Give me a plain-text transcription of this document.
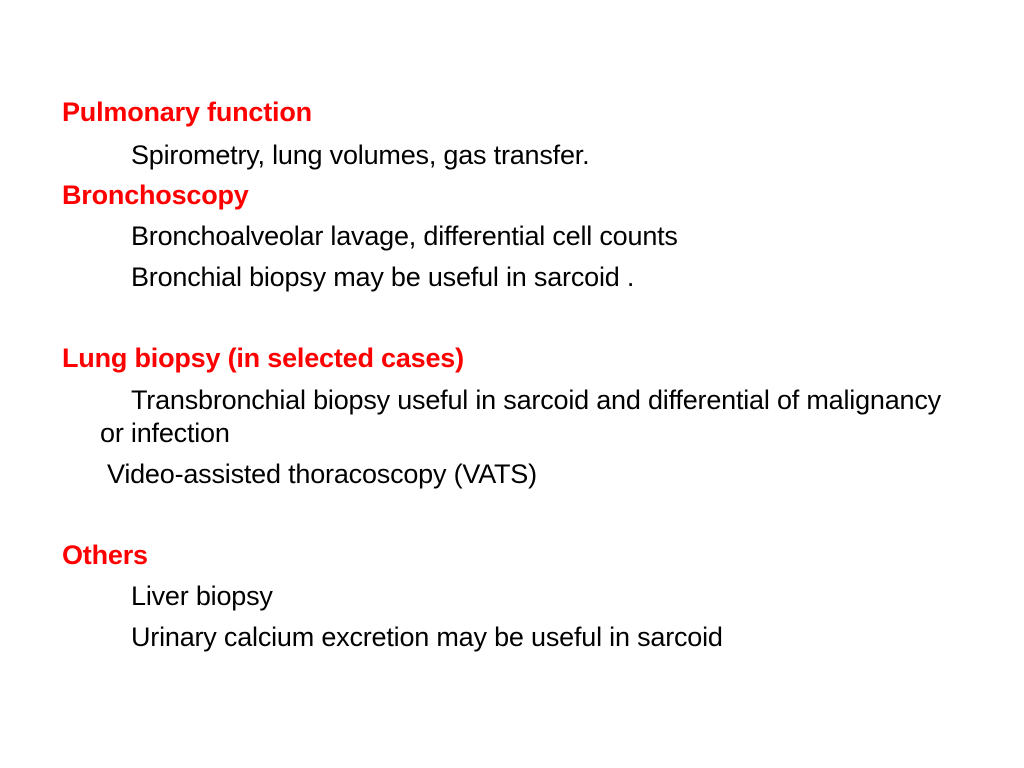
Pulmonary function
Spirometry, lung volumes, gas transfer.
Bronchoscopy
Bronchoalveolar lavage, differential cell counts
Bronchial biopsy may be useful in sarcoid .
Lung biopsy (in selected cases)
Transbronchial biopsy useful in sarcoid and differential of malignancy or infection
Video-assisted thoracoscopy (VATS)
Others
Liver biopsy
Urinary calcium excretion may be useful in sarcoid
